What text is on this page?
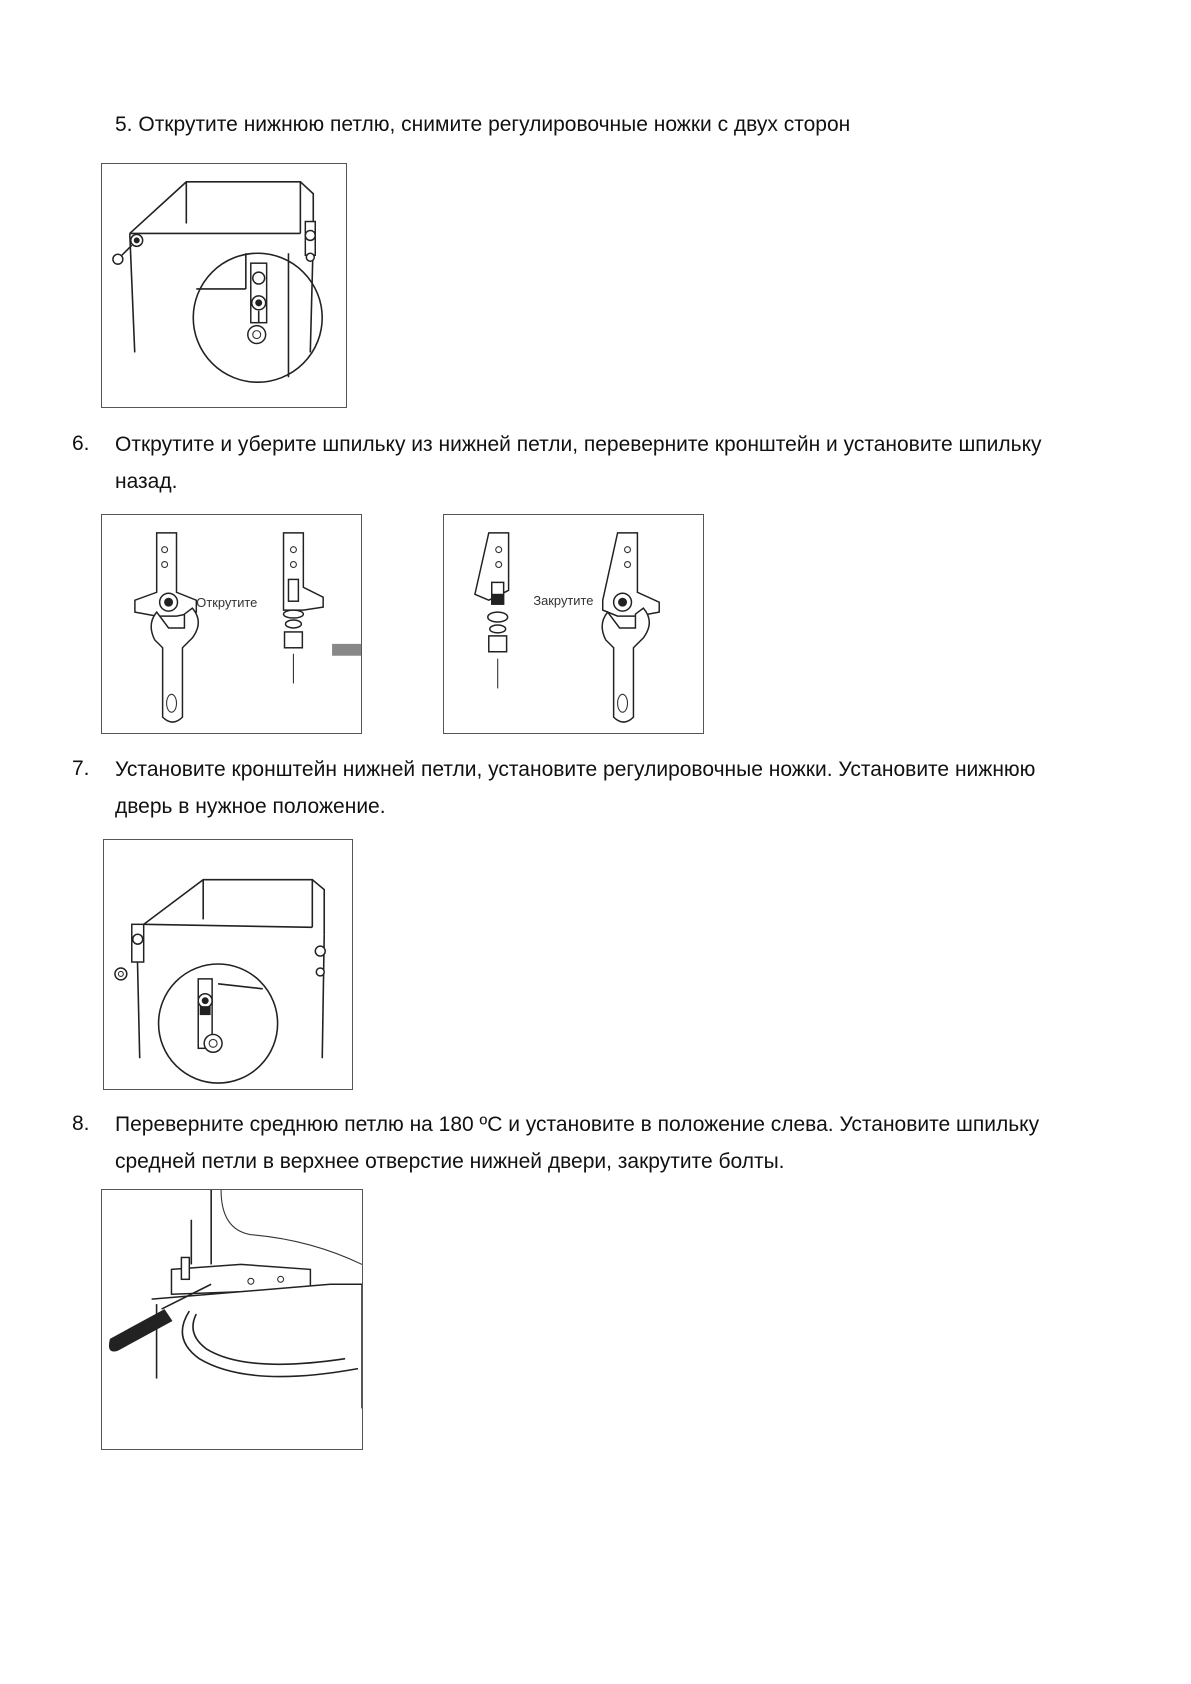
5. Открутите нижнюю петлю, снимите регулировочные ножки с двух сторон
6. Открутите и уберите шпильку из нижней петли, переверните кронштейн и установите шпильку
назад.
Открутите	Закрутите
7. Установите кронштейн нижней петли, установите регулировочные ножки. Установите нижнюю
дверь в нужное положение.
8. Переверните среднюю петлю на 180 ºС и установите в положение слева. Установите шпильку
средней петли в верхнее отверстие нижней двери, закрутите болты.
